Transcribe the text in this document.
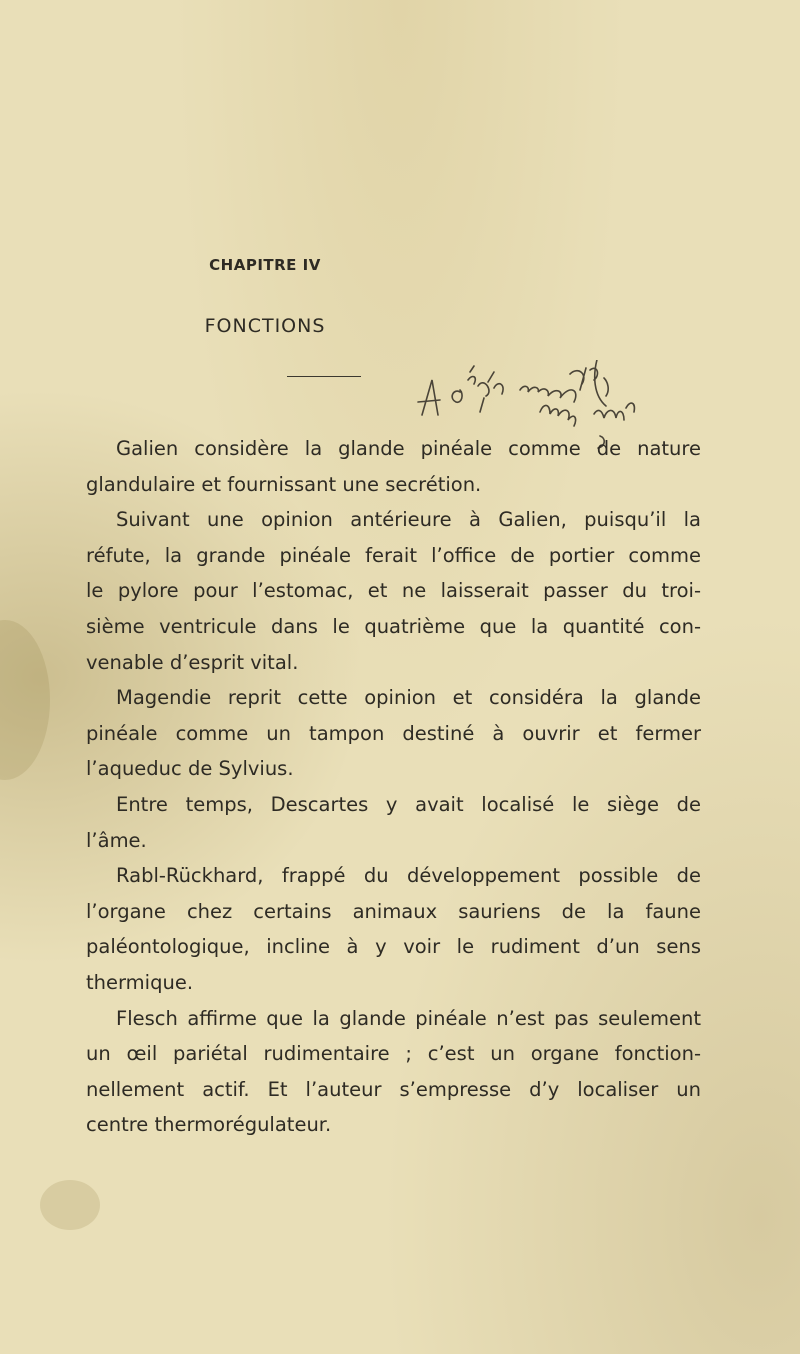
CHAPITRE IV
FONCTIONS
Galien considère la glande pinéale comme de nature
glandulaire et fournissant une secrétion.
Suivant une opinion antérieure à Galien, puisqu’il la
réfute, la grande pinéale ferait l’office de portier comme
le pylore pour l’estomac, et ne laisserait passer du troi-
sième ventricule dans le quatrième que la quantité con-
venable d’esprit vital.
Magendie reprit cette opinion et considéra la glande
pinéale comme un tampon destiné à ouvrir et fermer
l’aqueduc de Sylvius.
Entre temps, Descartes y avait localisé le siège de
l’âme.
Rabl-Rückhard, frappé du développement possible de
l’organe chez certains animaux sauriens de la faune
paléontologique, incline à y voir le rudiment d’un sens
thermique.
Flesch affirme que la glande pinéale n’est pas seulement
un œil pariétal rudimentaire ; c’est un organe fonction-
nellement actif. Et l’auteur s’empresse d’y localiser un
centre thermorégulateur.
